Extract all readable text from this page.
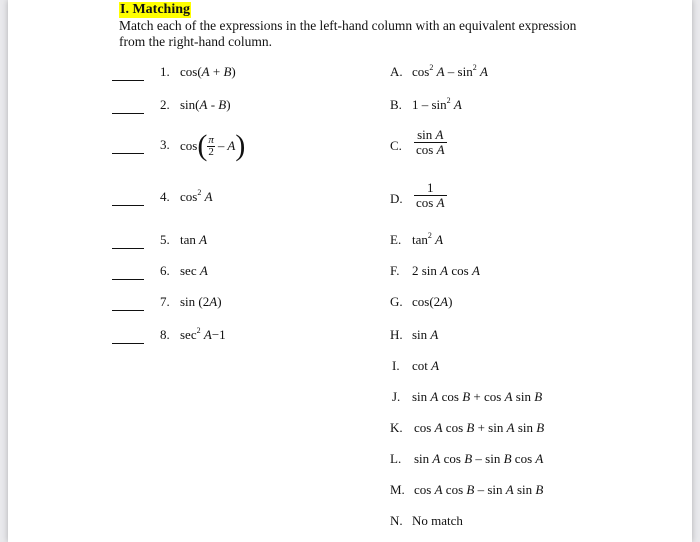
I. Matching
Match each of the expressions in the left-hand column with an equivalent expression from the right-hand column.
1. cos(A + B)
2. sin(A - B)
3. cos ( $\frac{\pi}{2}$ – A )
4. $\cos^2 A$
5. tan A
6. sec A
7. sin (2A)
8. $\sec^2 A-1$
A. $\cos^2 A - \sin^2 A$
B. $1 - \sin^2 A$
C. $\frac{\text{sin A}}{\text{cos A}}$
D. $\frac{1}{\text{cos A}}$
E. $\tan^2 A$
F. 2 sin A cos A
G. cos(2A)
H. sin A
I. cot A
J. sin A cos B + cos A sin B
K. cos A cos B + sin A sin B
L. sin A cos B – sin B cos A
M. cos A cos B – sin A sin B
N. No match
